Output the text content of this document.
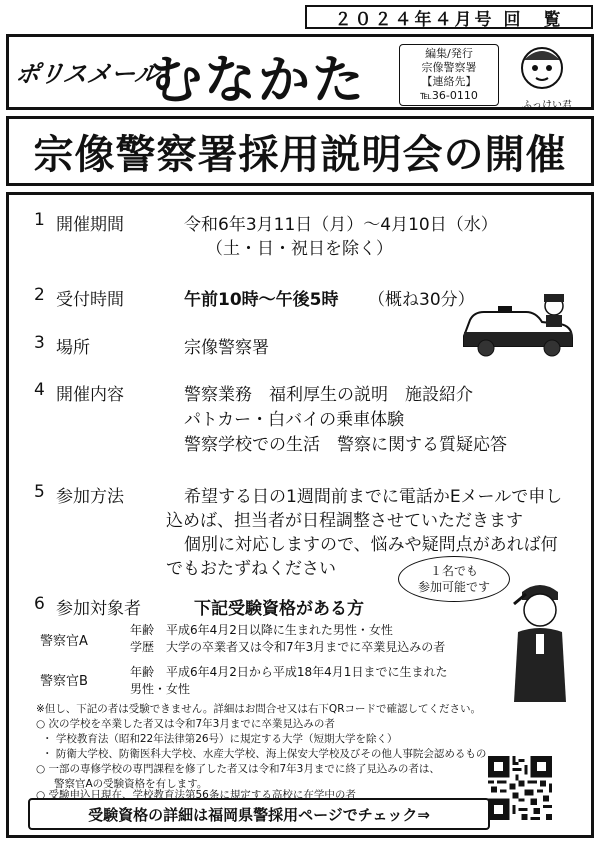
２０２４年４月号 回　覧
ポリスメール
むなかた	編集/発行
宗像警察署
【連絡先】
℡36-0110
ふっけい君
宗像警察署採用説明会の開催
1 開催期間	令和6年3月11日（月）～4月10日（水）
（土・日・祝日を除く）
2 受付時間	午前10時～午後5時 （概ね30分）
3 場所	宗像警察署
4 開催内容	警察業務　福利厚生の説明　施設紹介
パトカー・白バイの乗車体験
警察学校での生活　警察に関する質疑応答
5 参加方法	希望する日の1週間前までに電話かEメールで申し
込めば、担当者が日程調整させていただきます
個別に対応しますので、悩みや疑問点があれば何
でもおたずねください	１名でも
参加可能です
6 参加対象者	下記受験資格がある方
警察官A
年齢　平成6年4月2日以降に生まれた男性・女性
学歴　大学の卒業者又は令和7年3月までに卒業見込みの者
警察官B
年齢　平成6年4月2日から平成18年4月1日までに生まれた
男性・女性
※但し、下記の者は受験できません。詳細はお問合せ又は右下QRコードで確認してください。
○ 次の学校を卒業した者又は令和7年3月までに卒業見込みの者
・ 学校教育法（昭和22年法律第26号）に規定する大学（短期大学を除く）
・ 防衛大学校、防衛医科大学校、水産大学校、海上保安大学校及びその他人事院会認めるもの
○ 一部の専修学校の専門課程を修了した者又は令和7年3月までに終了見込みの者は、
警察官Aの受験資格を有します。
○ 受験申込日現在、学校教育法第56条に規定する高校に在学中の者
受験資格の詳細は福岡県警採用ページでチェック⇒
